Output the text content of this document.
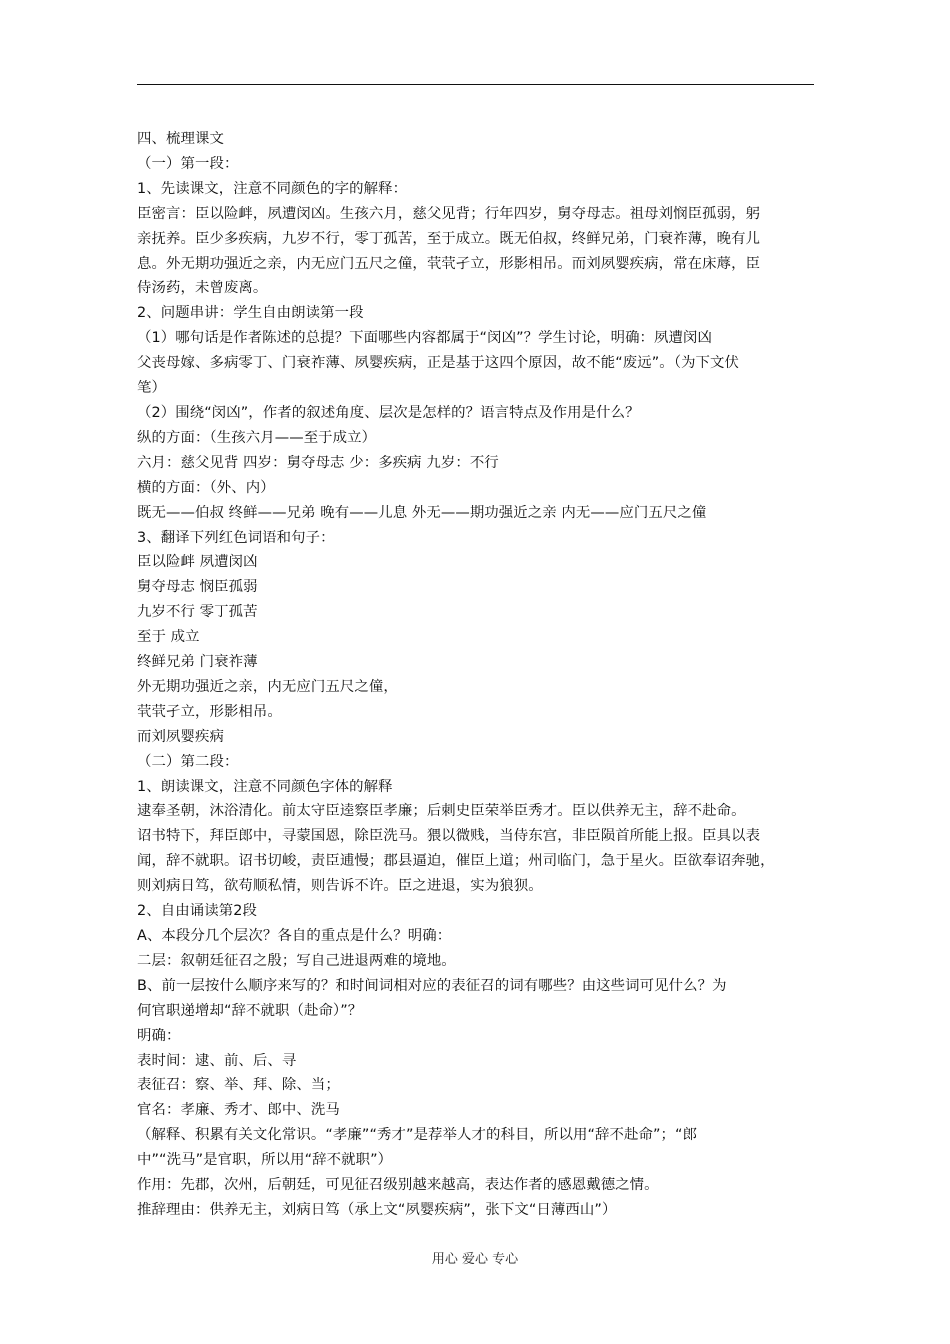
四、梳理课文

（一）第一段：

1、先读课文，注意不同颜色的字的解释：

臣密言：臣以险衅，夙遭闵凶。生孩六月，慈父见背；行年四岁，舅夺母志。祖母刘悯臣孤弱，躬

亲抚养。臣少多疾病，九岁不行，零丁孤苦，至于成立。既无伯叔，终鲜兄弟，门衰祚薄，晚有儿

息。外无期功强近之亲，内无应门五尺之僮，茕茕孑立，形影相吊。而刘夙婴疾病，常在床蓐，臣

侍汤药，未曾废离。

2、问题串讲：学生自由朗读第一段

（1）哪句话是作者陈述的总提？下面哪些内容都属于“闵凶”？学生讨论，明确：夙遭闵凶

父丧母嫁、多病零丁、门衰祚薄、夙婴疾病，正是基于这四个原因，故不能“废远”。（为下文伏

笔）

（2）围绕“闵凶”，作者的叙述角度、层次是怎样的？语言特点及作用是什么？

纵的方面：（生孩六月——至于成立）

六月：慈父见背 四岁：舅夺母志 少：多疾病 九岁：不行

横的方面：（外、内）

既无——伯叔 终鲜——兄弟 晚有——儿息 外无——期功强近之亲 内无——应门五尺之僮

3、翻译下列红色词语和句子：

臣以险衅 夙遭闵凶

舅夺母志 悯臣孤弱

九岁不行 零丁孤苦

至于 成立

终鲜兄弟 门衰祚薄

外无期功强近之亲，内无应门五尺之僮，

茕茕孑立，形影相吊。

而刘夙婴疾病

（二）第二段：

1、朗读课文，注意不同颜色字体的解释

逮奉圣朝，沐浴清化。前太守臣逵察臣孝廉；后刺史臣荣举臣秀才。臣以供养无主，辞不赴命。

诏书特下，拜臣郎中，寻蒙国恩，除臣洗马。猥以微贱，当侍东宫，非臣陨首所能上报。臣具以表

闻，辞不就职。诏书切峻，责臣逋慢；郡县逼迫，催臣上道；州司临门，急于星火。臣欲奉诏奔驰，

则刘病日笃，欲苟顺私情，则告诉不许。臣之进退，实为狼狈。

2、自由诵读第2段

A、本段分几个层次？各自的重点是什么？明确：

二层：叙朝廷征召之殷；写自己进退两难的境地。

B、前一层按什么顺序来写的？和时间词相对应的表征召的词有哪些？由这些词可见什么？为

何官职递增却“辞不就职（赴命）”？

明确：

表时间：逮、前、后、寻

表征召：察、举、拜、除、当；

官名：孝廉、秀才、郎中、洗马

（解释、积累有关文化常识。“孝廉”“秀才”是荐举人才的科目，所以用“辞不赴命”；“郎

中”“洗马”是官职，所以用“辞不就职”）

作用：先郡，次州，后朝廷，可见征召级别越来越高，表达作者的感恩戴德之情。

推辞理由：供养无主，刘病日笃（承上文“夙婴疾病”，张下文“日薄西山”）

用心 爱心 专心
